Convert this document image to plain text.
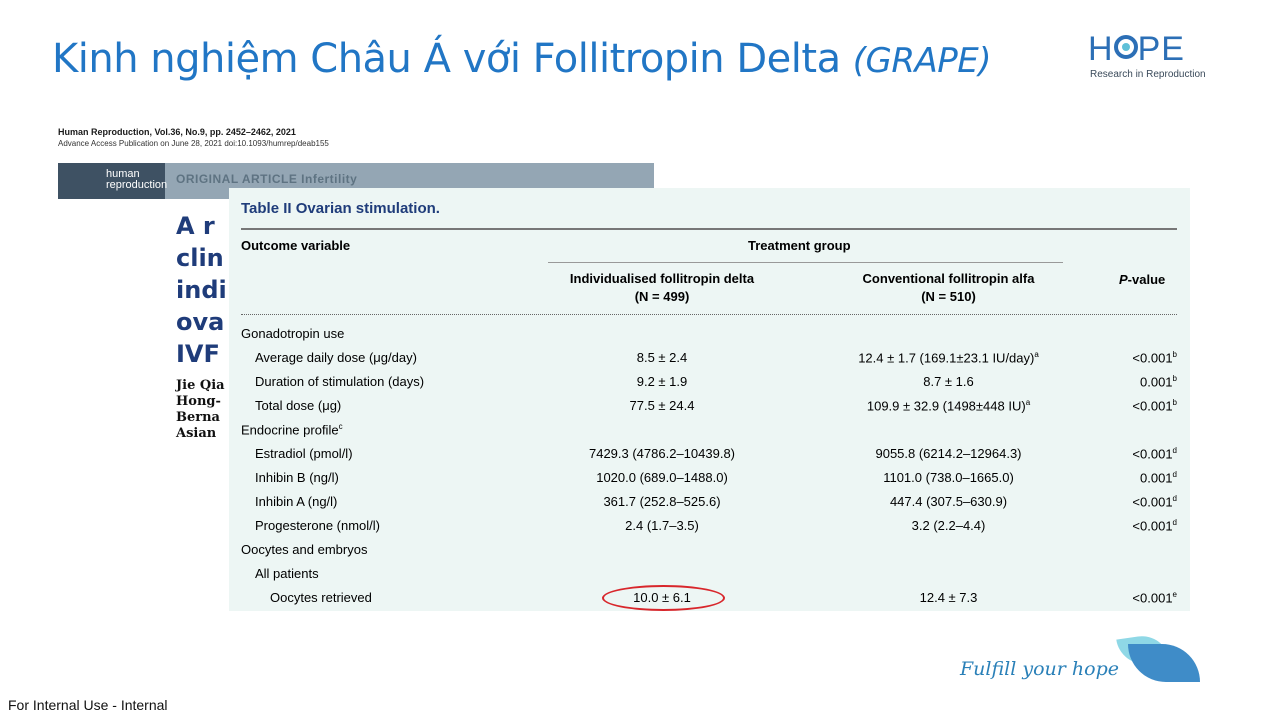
Kinh nghiệm Châu Á với Follitropin Delta (GRAPE)	H PE
Research in Reproduction
Human Reproduction, Vol.36, No.9, pp. 2452–2462, 2021
Advance Access Publication on June 28, 2021 doi:10.1093/humrep/deab155
human reproduction ORIGINAL ARTICLE Infertility
A r
clin
indi
ova
IVF
Jie Qia
Hong-
Berna
Asian
Table II Ovarian stimulation.
Outcome variable	Treatment group
Individualised follitropin delta
(N = 499)
Conventional follitropin alfa
(N = 510)
P-value
Gonadotropin use
Average daily dose (μg/day)	8.5 ± 2.4	12.4 ± 1.7 (169.1±23.1 IU/day)$^a$	<0.001$^b$
Duration of stimulation (days)	9.2 ± 1.9	8.7 ± 1.6	0.001$^b$
Total dose (μg)	77.5 ± 24.4	109.9 ± 32.9 (1498±448 IU)$^a$	<0.001$^b$
Endocrine profile$^c$
Estradiol (pmol/l)	7429.3 (4786.2–10439.8)	9055.8 (6214.2–12964.3)	<0.001$^d$
Inhibin B (ng/l)	1020.0 (689.0–1488.0)	1101.0 (738.0–1665.0)	0.001$^d$
Inhibin A (ng/l)	361.7 (252.8–525.6)	447.4 (307.5–630.9)	<0.001$^d$
Progesterone (nmol/l)	2.4 (1.7–3.5)	3.2 (2.2–4.4)	<0.001$^d$
Oocytes and embryos
All patients
Oocytes retrieved	10.0 ± 6.1	12.4 ± 7.3	<0.001$^e$
Fulfill your hope
For Internal Use - Internal
